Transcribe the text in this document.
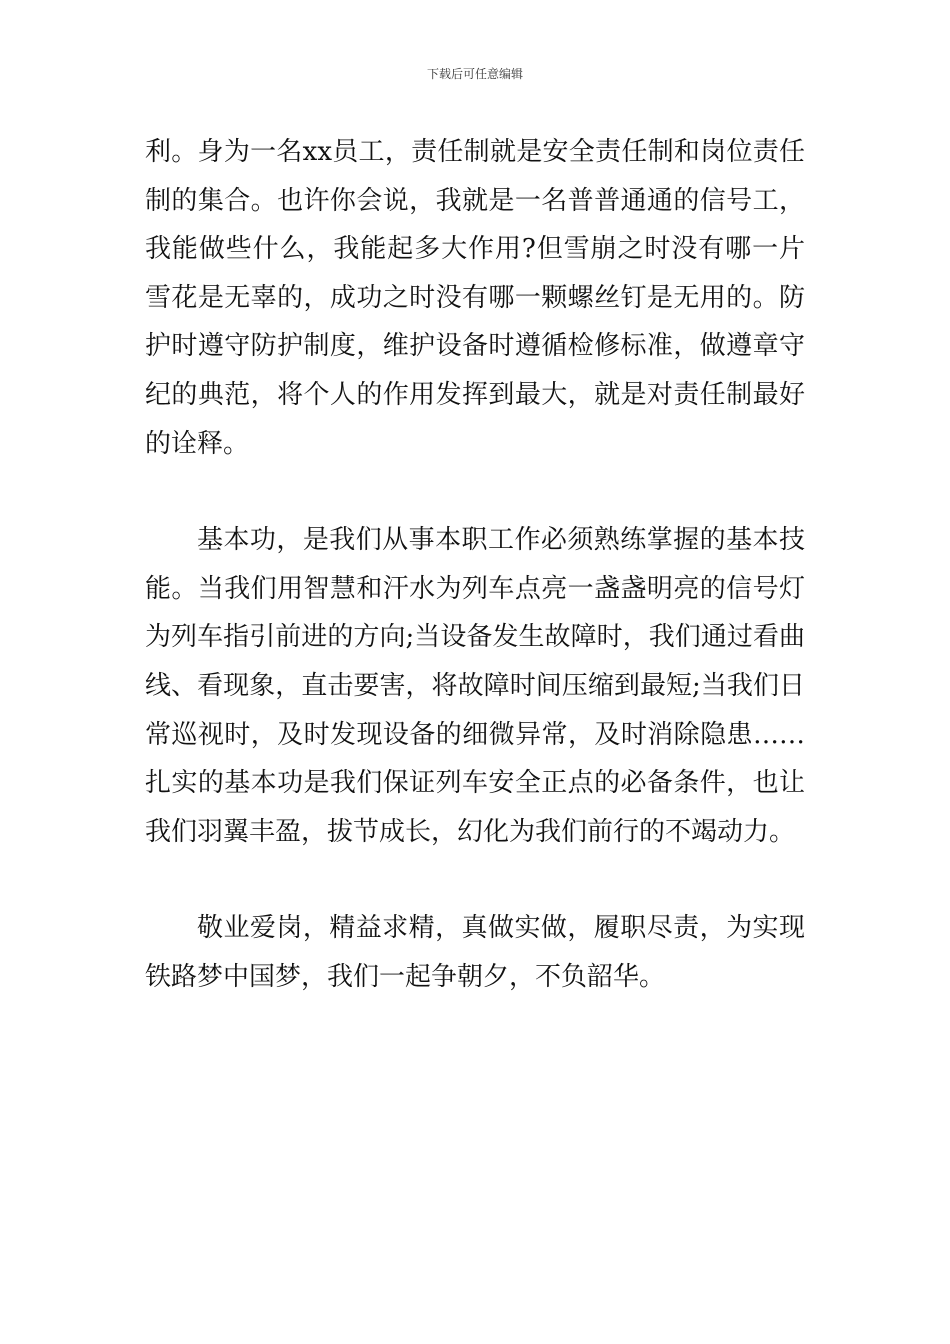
下载后可任意编辑

利。身为一名xx员工，责任制就是安全责任制和岗位责任制的集合。也许你会说，我就是一名普普通通的信号工，我能做些什么，我能起多大作用?但雪崩之时没有哪一片雪花是无辜的，成功之时没有哪一颗螺丝钉是无用的。防护时遵守防护制度，维护设备时遵循检修标准，做遵章守纪的典范，将个人的作用发挥到最大，就是对责任制最好的诠释。

基本功，是我们从事本职工作必须熟练掌握的基本技能。当我们用智慧和汗水为列车点亮一盏盏明亮的信号灯为列车指引前进的方向;当设备发生故障时，我们通过看曲线、看现象，直击要害，将故障时间压缩到最短;当我们日常巡视时，及时发现设备的细微异常，及时消除隐患……扎实的基本功是我们保证列车安全正点的必备条件，也让我们羽翼丰盈，拔节成长，幻化为我们前行的不竭动力。

敬业爱岗，精益求精，真做实做，履职尽责，为实现铁路梦中国梦，我们一起争朝夕，不负韶华。
